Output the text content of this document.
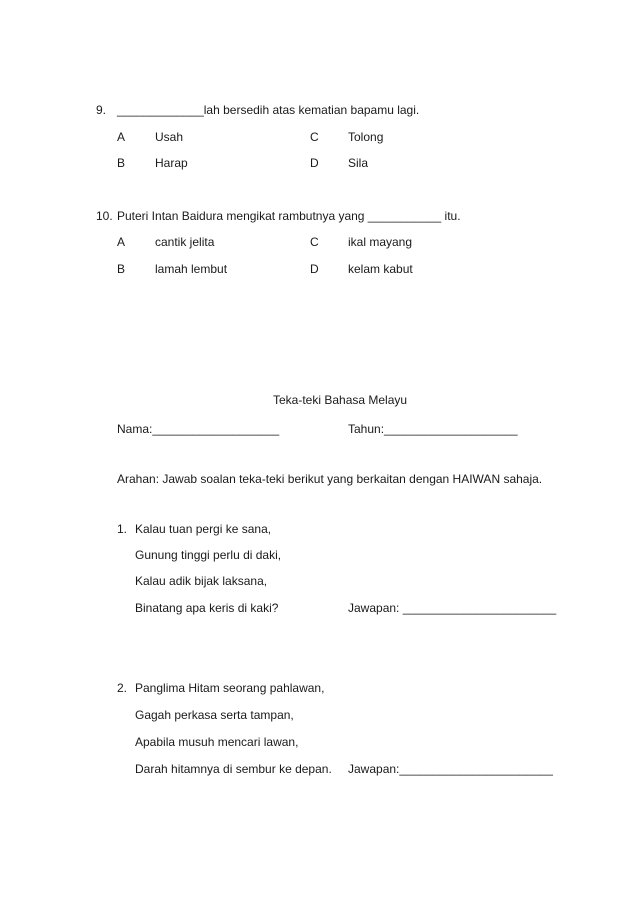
9. _____________lah bersedih atas kematian bapamu lagi.
A Usah	C Tolong
B Harap	D Sila
10. Puteri Intan Baidura mengikat rambutnya yang ___________ itu.
A cantik jelita	C ikal mayang
B lamah lembut	D kelam kabut
Teka-teki Bahasa Melayu
Nama:___________________	Tahun:____________________
Arahan: Jawab soalan teka-teki berikut yang berkaitan dengan HAIWAN sahaja.
1. Kalau tuan pergi ke sana,
Gunung tinggi perlu di daki,
Kalau adik bijak laksana,
Binatang apa keris di kaki?	Jawapan: _______________________
2. Panglima Hitam seorang pahlawan,
Gagah perkasa serta tampan,
Apabila musuh mencari lawan,
Darah hitamnya di sembur ke depan. Jawapan:_______________________
